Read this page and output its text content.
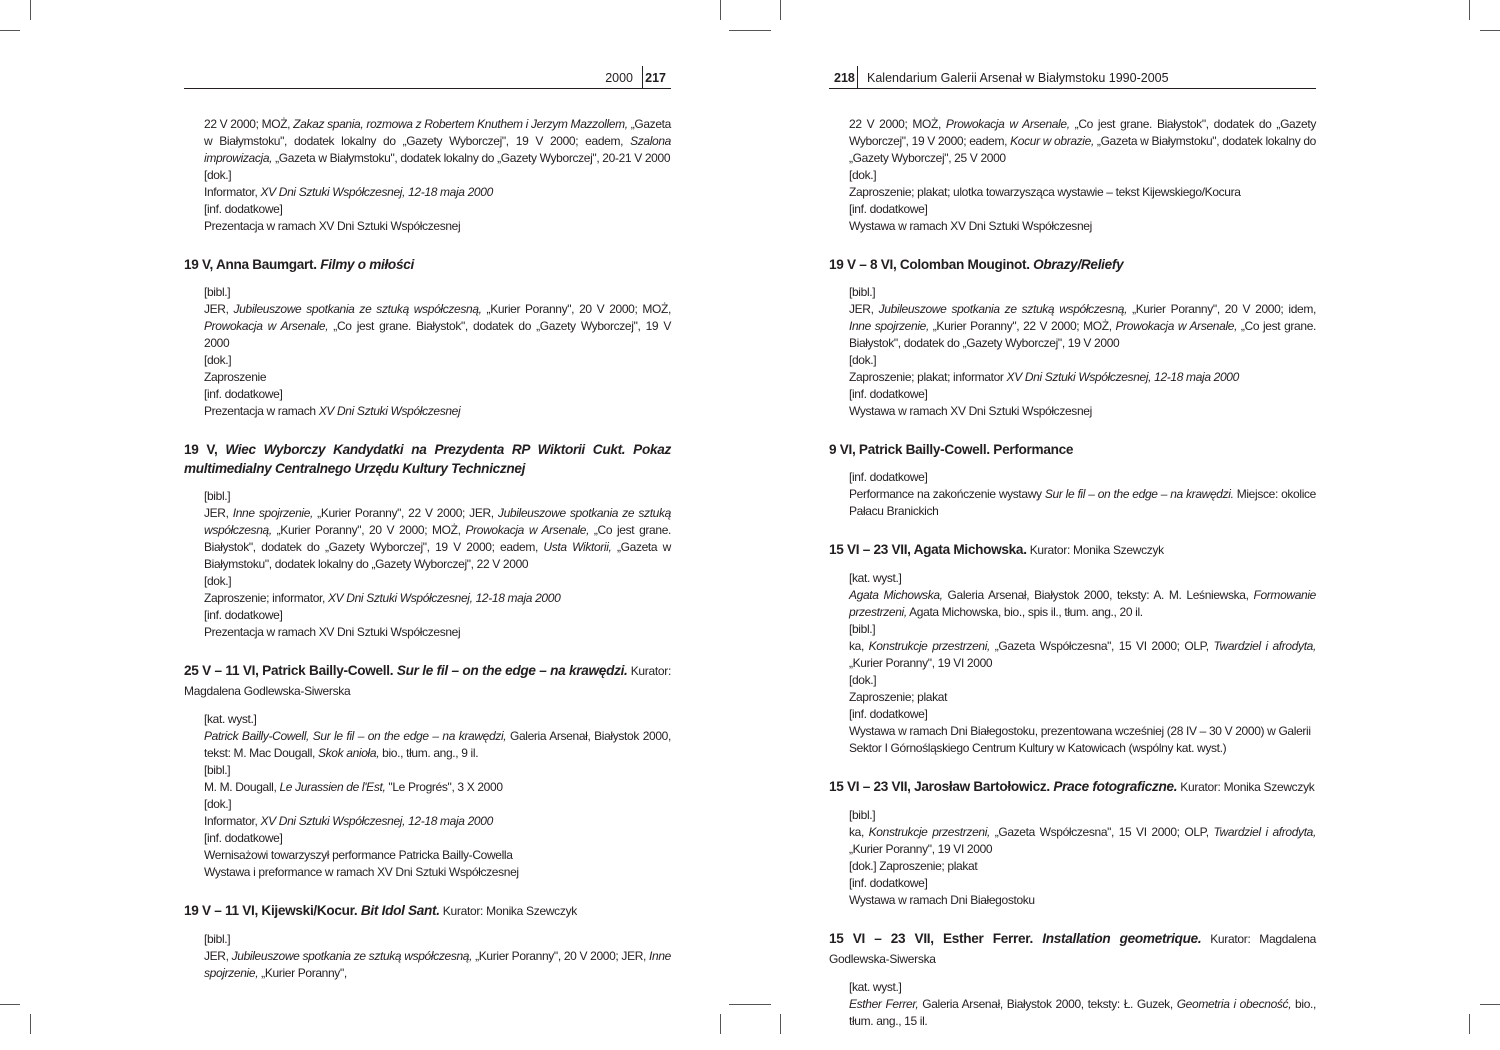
2000 217
22 V 2000; MOŻ, Zakaz spania, rozmowa z Robertem Knuthem i Jerzym Mazzollem, „Gazeta w Białymstoku", dodatek lokalny do „Gazety Wyborczej", 19 V 2000; eadem, Szalona improwizacja, „Gazeta w Białymstoku", dodatek lokalny do „Gazety Wyborczej", 20-21 V 2000
[dok.]
Informator, XV Dni Sztuki Współczesnej, 12-18 maja 2000
[inf. dodatkowe]
Prezentacja w ramach XV Dni Sztuki Współczesnej
19 V, Anna Baumgart. Filmy o miłości
[bibl.]
JER, Jubileuszowe spotkania ze sztuką współczesną, „Kurier Poranny", 20 V 2000; MOŻ, Prowokacja w Arsenale, „Co jest grane. Białystok", dodatek do „Gazety Wyborczej", 19 V 2000
[dok.]
Zaproszenie
[inf. dodatkowe]
Prezentacja w ramach XV Dni Sztuki Współczesnej
19 V, Wiec Wyborczy Kandydatki na Prezydenta RP Wiktorii Cukt. Pokaz multimedialny Centralnego Urzędu Kultury Technicznej
[bibl.]
JER, Inne spojrzenie, „Kurier Poranny", 22 V 2000; JER, Jubileuszowe spotkania ze sztuką współczesną, „Kurier Poranny", 20 V 2000; MOŻ, Prowokacja w Arsenale, „Co jest grane. Białystok", dodatek do „Gazety Wyborczej", 19 V 2000; eadem, Usta Wiktorii, „Gazeta w Białymstoku", dodatek lokalny do „Gazety Wyborczej", 22 V 2000
[dok.]
Zaproszenie; informator, XV Dni Sztuki Współczesnej, 12-18 maja 2000
[inf. dodatkowe]
Prezentacja w ramach XV Dni Sztuki Współczesnej
25 V – 11 VI, Patrick Bailly-Cowell. Sur le fil – on the edge – na krawędzi. Kurator: Magdalena Godlewska-Siwerska
[kat. wyst.]
Patrick Bailly-Cowell, Sur le fil – on the edge – na krawędzi, Galeria Arsenał, Białystok 2000, tekst: M. Mac Dougall, Skok anioła, bio., tłum. ang., 9 il.
[bibl.]
M. M. Dougall, Le Jurassien de l'Est, "Le Progrés", 3 X 2000
[dok.]
Informator, XV Dni Sztuki Współczesnej, 12-18 maja 2000
[inf. dodatkowe]
Wernisażowi towarzyszył performance Patricka Bailly-Cowella
Wystawa i preformance w ramach XV Dni Sztuki Współczesnej
19 V – 11 VI, Kijewski/Kocur. Bit Idol Sant. Kurator: Monika Szewczyk
[bibl.]
JER, Jubileuszowe spotkania ze sztuką współczesną, „Kurier Poranny", 20 V 2000; JER, Inne spojrzenie, „Kurier Poranny",
218 Kalendarium Galerii Arsenał w Białymstoku 1990-2005
22 V 2000; MOŻ, Prowokacja w Arsenale, „Co jest grane. Białystok", dodatek do „Gazety Wyborczej", 19 V 2000; eadem, Kocur w obrazie, „Gazeta w Białymstoku", dodatek lokalny do „Gazety Wyborczej", 25 V 2000
[dok.]
Zaproszenie; plakat; ulotka towarzysząca wystawie – tekst Kijewskiego/Kocura
[inf. dodatkowe]
Wystawa w ramach XV Dni Sztuki Współczesnej
19 V – 8 VI, Colomban Mouginot. Obrazy/Reliefy
[bibl.]
JER, Jubileuszowe spotkania ze sztuką współczesną, „Kurier Poranny", 20 V 2000; idem, Inne spojrzenie, „Kurier Poranny", 22 V 2000; MOŻ, Prowokacja w Arsenale, „Co jest grane. Białystok", dodatek do „Gazety Wyborczej", 19 V 2000
[dok.]
Zaproszenie; plakat; informator XV Dni Sztuki Współczesnej, 12-18 maja 2000
[inf. dodatkowe]
Wystawa w ramach XV Dni Sztuki Współczesnej
9 VI, Patrick Bailly-Cowell. Performance
[inf. dodatkowe]
Performance na zakończenie wystawy Sur le fil – on the edge – na krawędzi. Miejsce: okolice Pałacu Branickich
15 VI – 23 VII, Agata Michowska. Kurator: Monika Szewczyk
[kat. wyst.]
Agata Michowska, Galeria Arsenał, Białystok 2000, teksty: A. M. Leśniewska, Formowanie przestrzeni, Agata Michowska, bio., spis il., tłum. ang., 20 il.
[bibl.]
ka, Konstrukcje przestrzeni, „Gazeta Współczesna", 15 VI 2000; OLP, Twardziel i afrodyta, „Kurier Poranny", 19 VI 2000
[dok.]
Zaproszenie; plakat
[inf. dodatkowe]
Wystawa w ramach Dni Białegostoku, prezentowana wcześniej (28 IV – 30 V 2000) w Galerii Sektor I Górnośląskiego Centrum Kultury w Katowicach (wspólny kat. wyst.)
15 VI – 23 VII, Jarosław Bartołowicz. Prace fotograficzne. Kurator: Monika Szewczyk
[bibl.]
ka, Konstrukcje przestrzeni, „Gazeta Współczesna", 15 VI 2000; OLP, Twardziel i afrodyta, „Kurier Poranny", 19 VI 2000
[dok.] Zaproszenie; plakat
[inf. dodatkowe]
Wystawa w ramach Dni Białegostoku
15 VI – 23 VII, Esther Ferrer. Installation geometrique. Kurator: Magdalena Godlewska-Siwerska
[kat. wyst.]
Esther Ferrer, Galeria Arsenał, Białystok 2000, teksty: Ł. Guzek, Geometria i obecność, bio., tłum. ang., 15 il.
